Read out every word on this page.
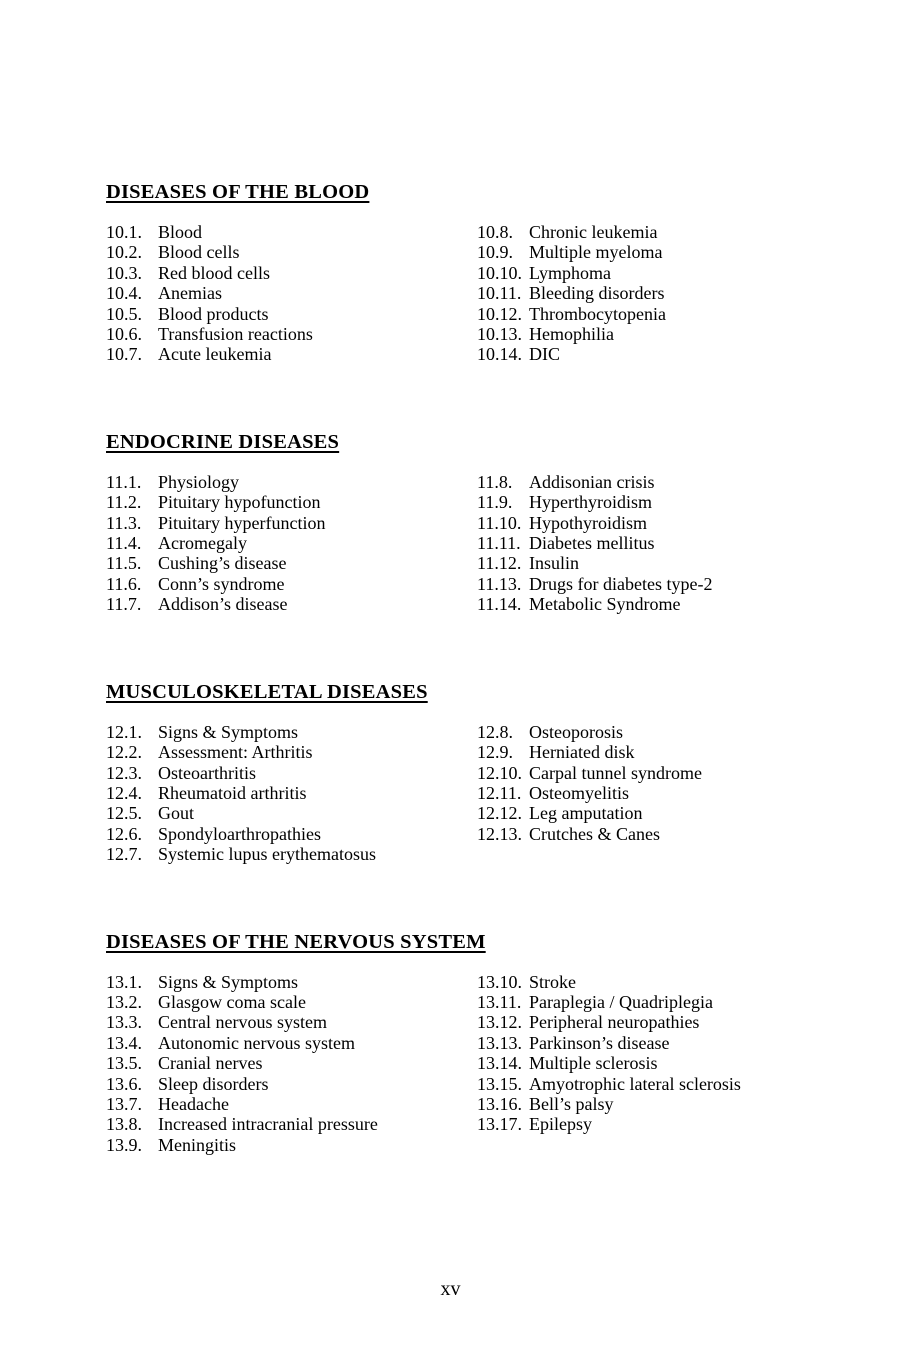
DISEASES OF THE BLOOD
10.1. Blood
10.2. Blood cells
10.3. Red blood cells
10.4. Anemias
10.5. Blood products
10.6. Transfusion reactions
10.7. Acute leukemia
10.8. Chronic leukemia
10.9. Multiple myeloma
10.10. Lymphoma
10.11. Bleeding disorders
10.12. Thrombocytopenia
10.13. Hemophilia
10.14. DIC
ENDOCRINE DISEASES
11.1. Physiology
11.2. Pituitary hypofunction
11.3. Pituitary hyperfunction
11.4. Acromegaly
11.5. Cushing’s disease
11.6. Conn’s syndrome
11.7. Addison’s disease
11.8. Addisonian crisis
11.9. Hyperthyroidism
11.10. Hypothyroidism
11.11. Diabetes mellitus
11.12. Insulin
11.13. Drugs for diabetes type-2
11.14. Metabolic Syndrome
MUSCULOSKELETAL DISEASES
12.1. Signs & Symptoms
12.2. Assessment: Arthritis
12.3. Osteoarthritis
12.4. Rheumatoid arthritis
12.5. Gout
12.6. Spondyloarthropathies
12.7. Systemic lupus erythematosus
12.8. Osteoporosis
12.9. Herniated disk
12.10. Carpal tunnel syndrome
12.11. Osteomyelitis
12.12. Leg amputation
12.13. Crutches & Canes
DISEASES OF THE NERVOUS SYSTEM
13.1. Signs & Symptoms
13.2. Glasgow coma scale
13.3. Central nervous system
13.4. Autonomic nervous system
13.5. Cranial nerves
13.6. Sleep disorders
13.7. Headache
13.8. Increased intracranial pressure
13.9. Meningitis
13.10. Stroke
13.11. Paraplegia / Quadriplegia
13.12. Peripheral neuropathies
13.13. Parkinson’s disease
13.14. Multiple sclerosis
13.15. Amyotrophic lateral sclerosis
13.16. Bell’s palsy
13.17. Epilepsy
xv
